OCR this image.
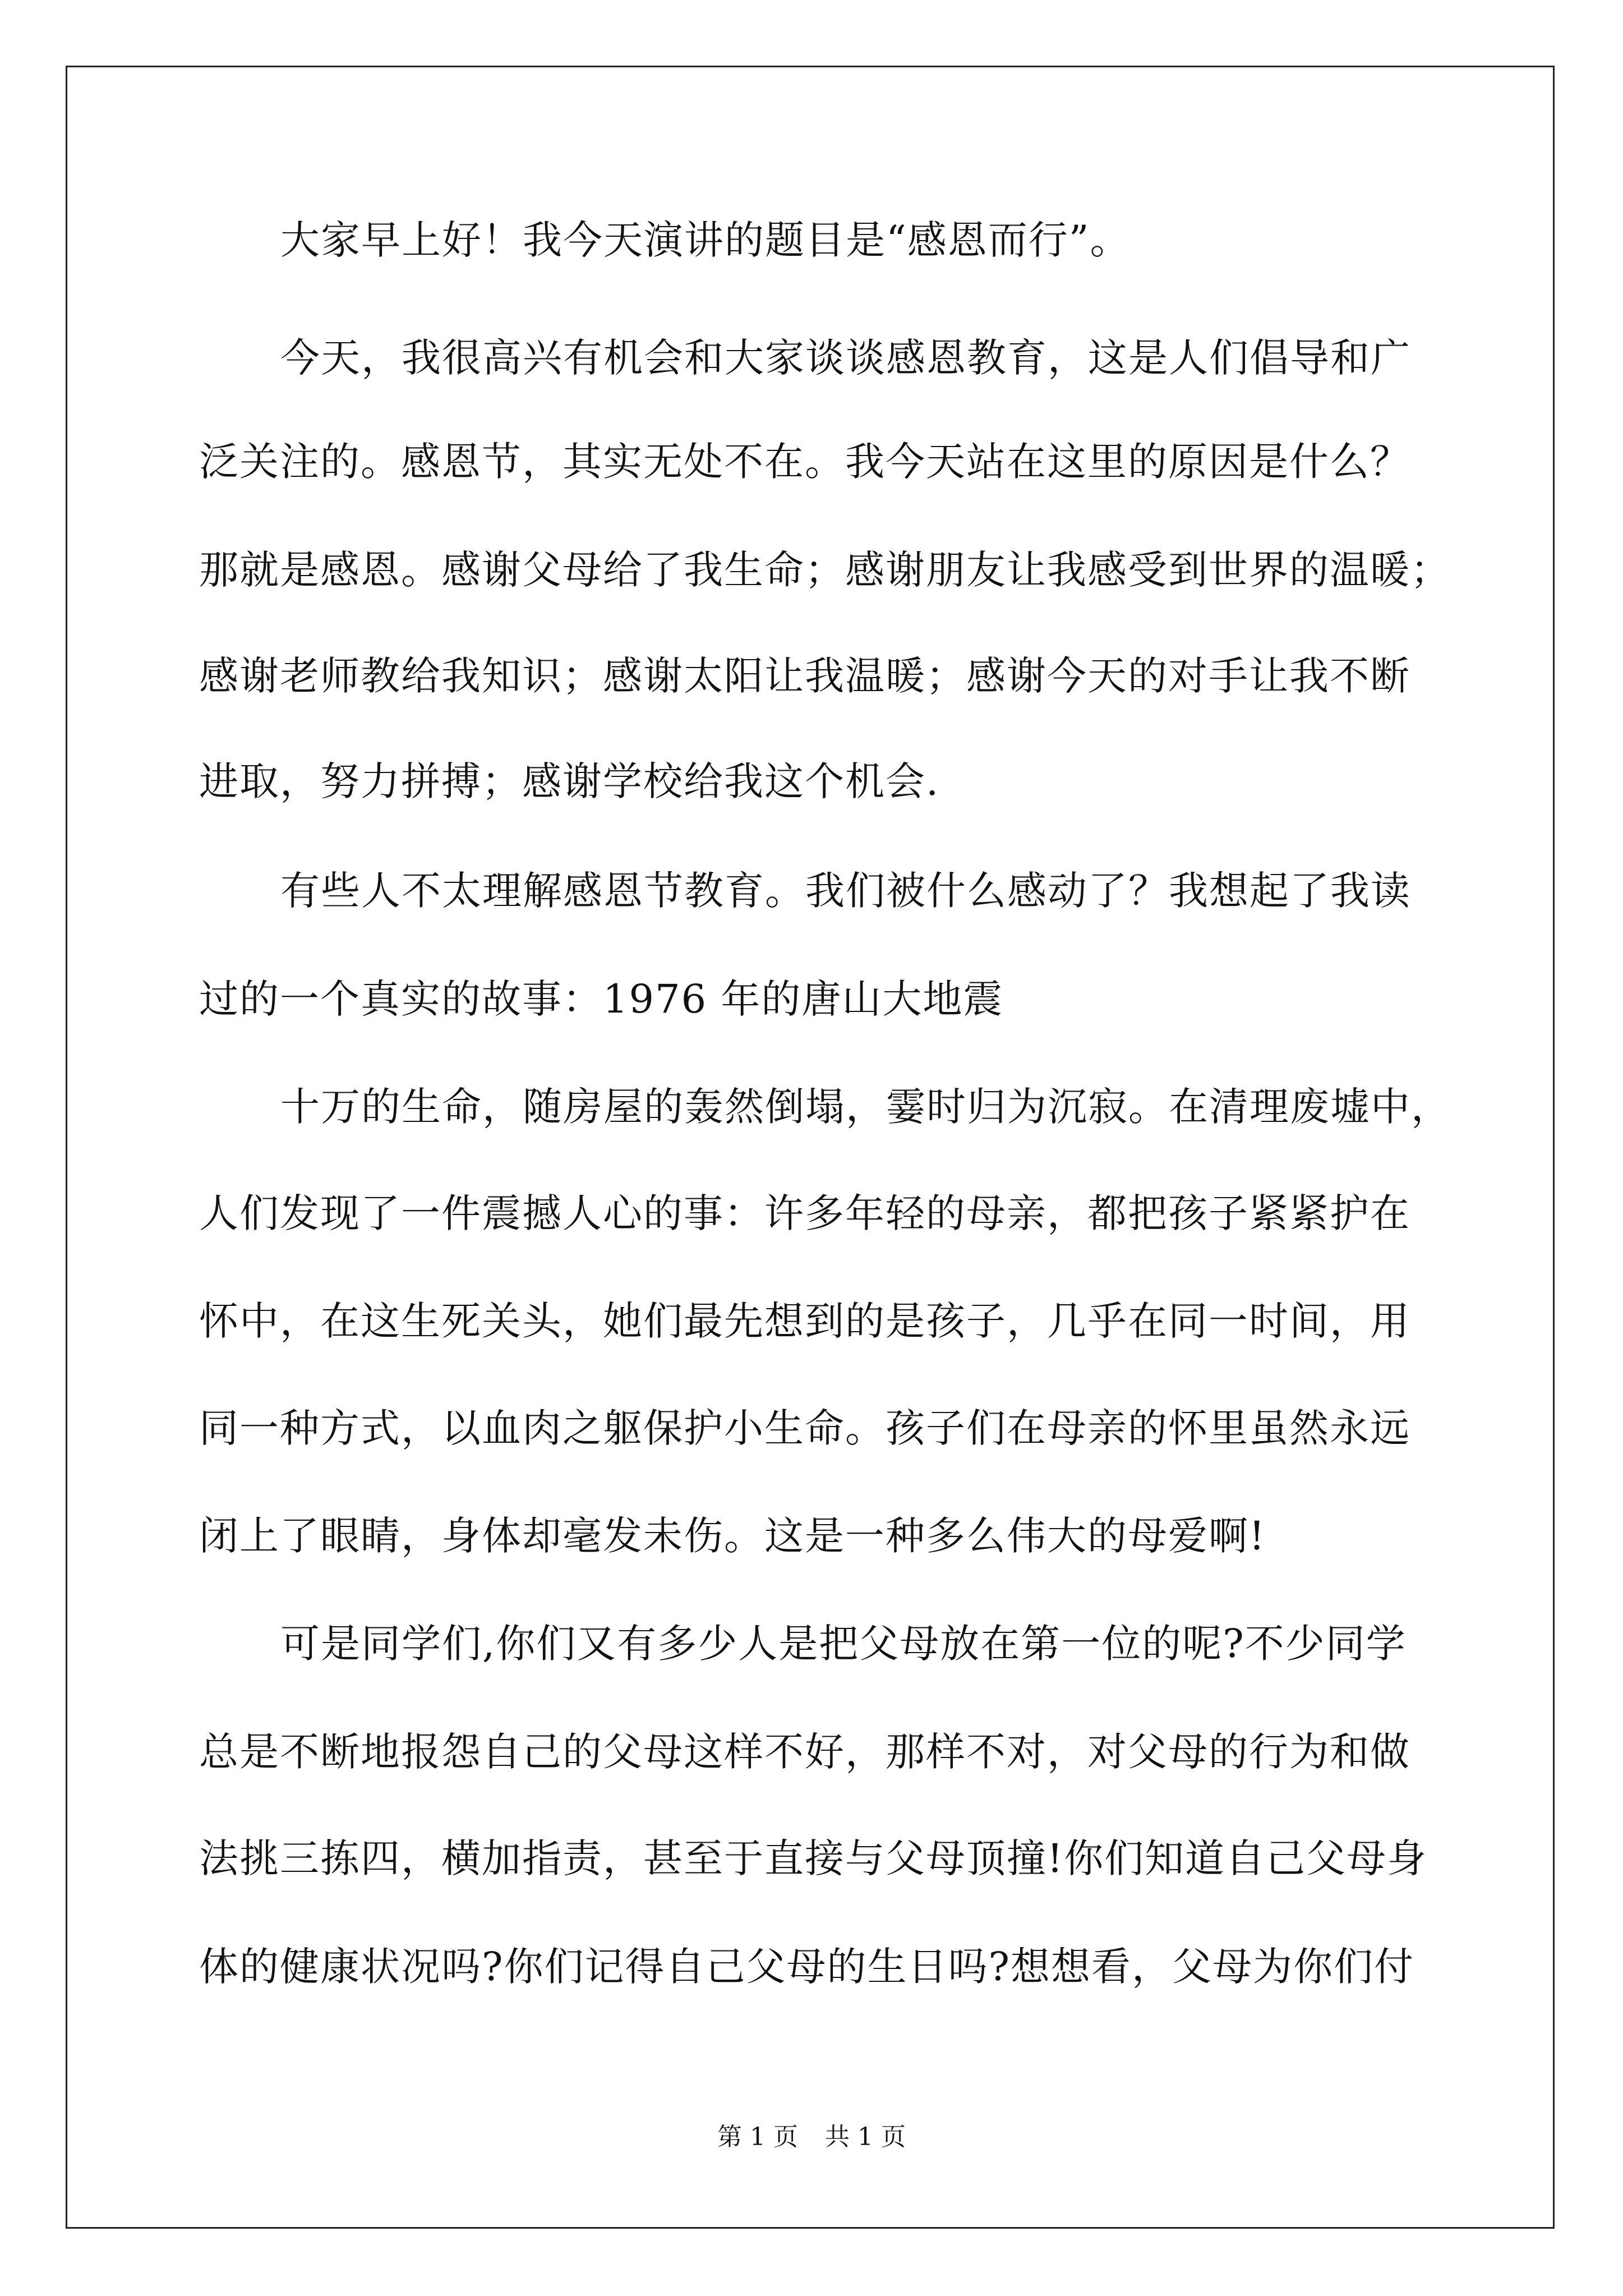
大家早上好！我今天演讲的题目是“感恩而行”。
今天，我很高兴有机会和大家谈谈感恩教育，这是人们倡导和广
泛关注的。感恩节，其实无处不在。我今天站在这里的原因是什么？
那就是感恩。感谢父母给了我生命；感谢朋友让我感受到世界的温暖；
感谢老师教给我知识；感谢太阳让我温暖；感谢今天的对手让我不断
进取，努力拼搏；感谢学校给我这个机会.
有些人不太理解感恩节教育。我们被什么感动了？我想起了我读
过的一个真实的故事：1976 年的唐山大地震
十万的生命，随房屋的轰然倒塌，霎时归为沉寂。在清理废墟中，
人们发现了一件震撼人心的事：许多年轻的母亲，都把孩子紧紧护在
怀中，在这生死关头，她们最先想到的是孩子，几乎在同一时间，用
同一种方式，以血肉之躯保护小生命。孩子们在母亲的怀里虽然永远
闭上了眼睛，身体却毫发未伤。这是一种多么伟大的母爱啊!
可是同学们,你们又有多少人是把父母放在第一位的呢?不少同学
总是不断地报怨自己的父母这样不好，那样不对，对父母的行为和做
法挑三拣四，横加指责，甚至于直接与父母顶撞!你们知道自己父母身
体的健康状况吗?你们记得自己父母的生日吗?想想看，父母为你们付
第 1 页 共 1 页
